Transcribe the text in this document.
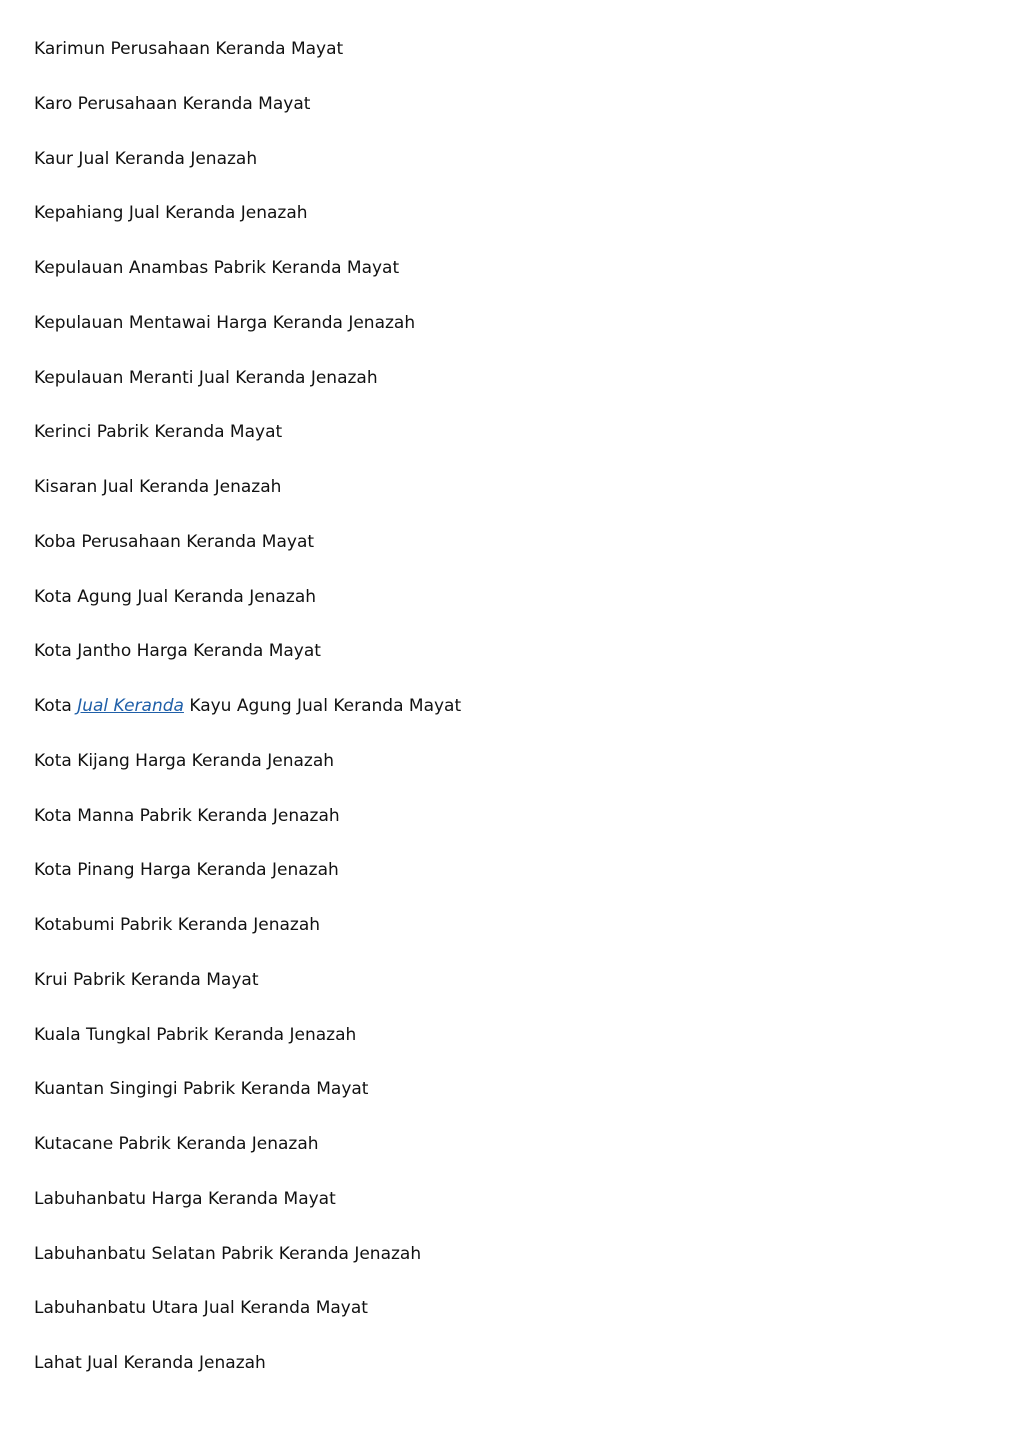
Karimun Perusahaan Keranda Mayat
Karo Perusahaan Keranda Mayat
Kaur Jual Keranda Jenazah
Kepahiang Jual Keranda Jenazah
Kepulauan Anambas Pabrik Keranda Mayat
Kepulauan Mentawai Harga Keranda Jenazah
Kepulauan Meranti Jual Keranda Jenazah
Kerinci Pabrik Keranda Mayat
Kisaran Jual Keranda Jenazah
Koba Perusahaan Keranda Mayat
Kota Agung Jual Keranda Jenazah
Kota Jantho Harga Keranda Mayat
Kota Jual Keranda Kayu Agung Jual Keranda Mayat
Kota Kijang Harga Keranda Jenazah
Kota Manna Pabrik Keranda Jenazah
Kota Pinang Harga Keranda Jenazah
Kotabumi Pabrik Keranda Jenazah
Krui Pabrik Keranda Mayat
Kuala Tungkal Pabrik Keranda Jenazah
Kuantan Singingi Pabrik Keranda Mayat
Kutacane Pabrik Keranda Jenazah
Labuhanbatu Harga Keranda Mayat
Labuhanbatu Selatan Pabrik Keranda Jenazah
Labuhanbatu Utara Jual Keranda Mayat
Lahat Jual Keranda Jenazah
